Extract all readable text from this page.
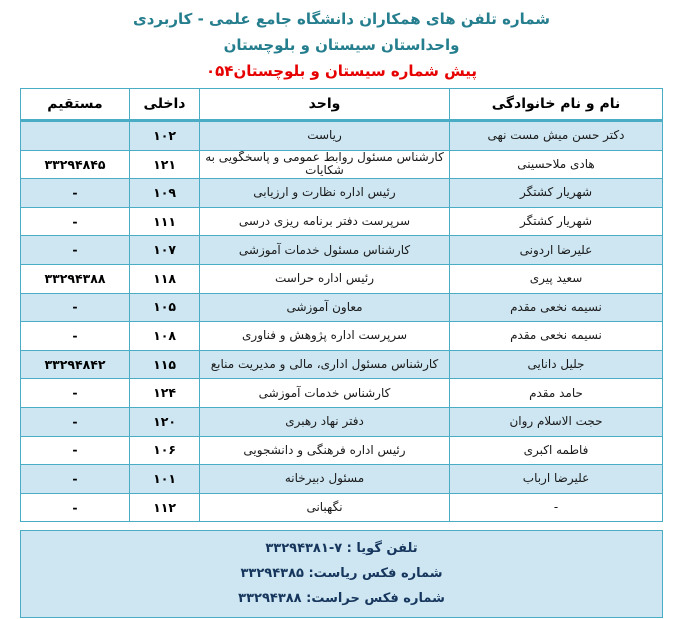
شماره تلفن های همکاران دانشگاه جامع علمی - کاربردی
واحداستان سیستان و بلوچستان
پیش شماره سیستان و بلوچستان۰۵۴
نام و نام خانوادگی
واحد
داخلی
مستقیم
دکتر حسن میش مست نهی
ریاست
۱۰۲
هادی ملاحسینی
کارشناس مسئول روابط عمومی و پاسخگویی به شکایات
۱۲۱
۳۳۲۹۴۸۴۵
شهریار کشتگر
رئیس اداره نظارت و ارزیابی
۱۰۹
-
شهریار کشتگر
سرپرست دفتر برنامه ریزی درسی
۱۱۱
-
علیرضا اردونی
کارشناس مسئول خدمات آموزشی
۱۰۷
-
سعید پیری
رئیس اداره حراست
۱۱۸
۳۳۲۹۴۳۸۸
نسیمه نخعی مقدم
معاون آموزشی
۱۰۵
-
نسیمه نخعی مقدم
سرپرست اداره پژوهش و فناوری
۱۰۸
-
جلیل دانایی
کارشناس مسئول اداری، مالی و مدیریت منابع
۱۱۵
۳۳۲۹۴۸۴۲
حامد مقدم
کارشناس خدمات آموزشی
۱۲۴
-
حجت الاسلام روان
دفتر نهاد رهبری
۱۲۰
-
فاطمه اکبری
رئیس اداره فرهنگی و دانشجویی
۱۰۶
-
علیرضا ارباب
مسئول دبیرخانه
۱۰۱
-
-
نگهبانی
۱۱۲
-
تلفن گویا : ۷-۳۳۲۹۴۳۸۱
شماره فکس ریاست: ۳۳۲۹۴۳۸۵
شماره فکس حراست: ۳۳۲۹۴۳۸۸
